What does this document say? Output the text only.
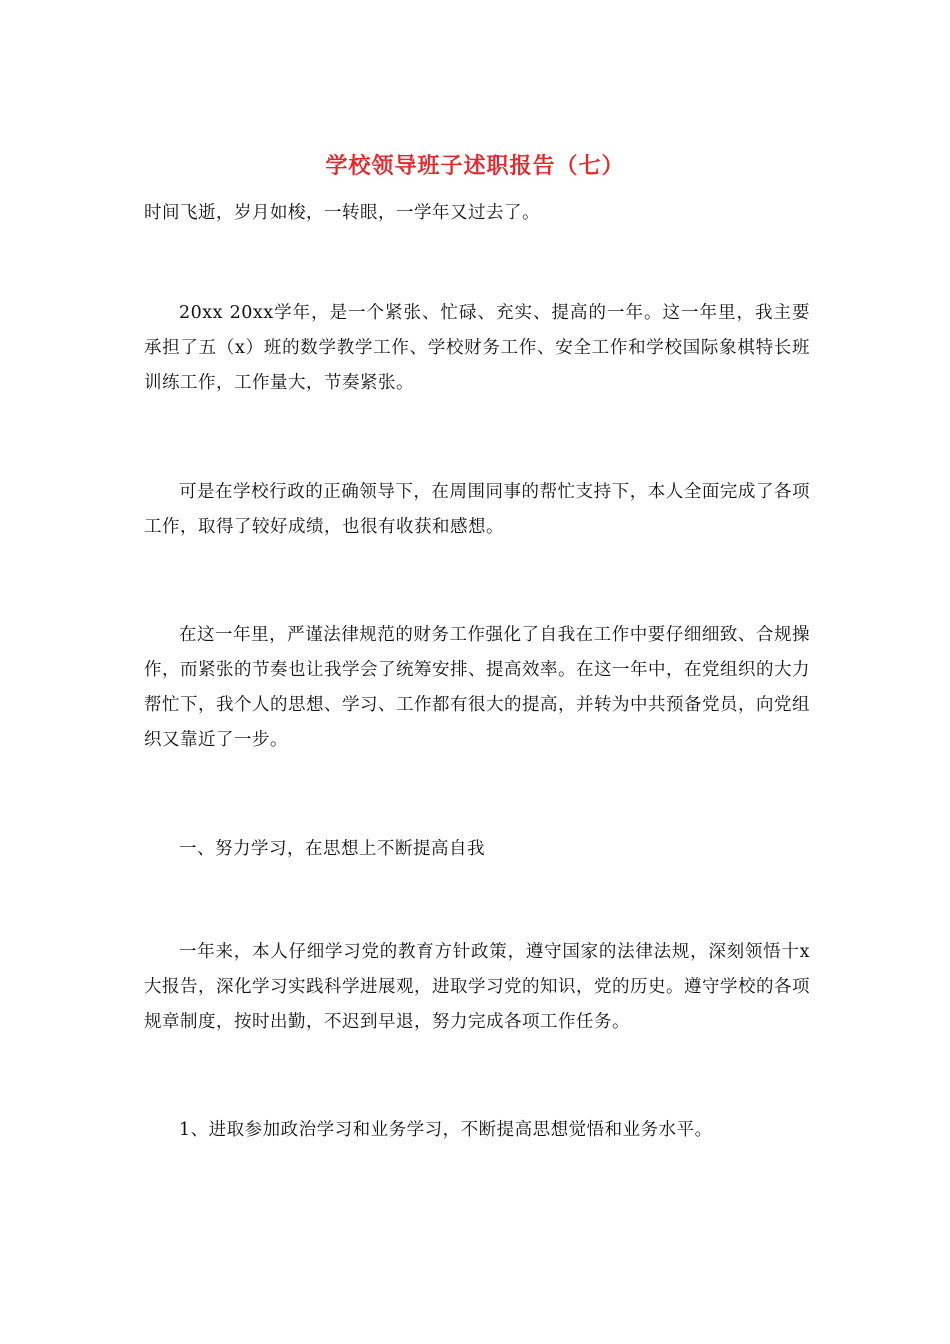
学校领导班子述职报告（七）

时间飞逝，岁月如梭，一转眼，一学年又过去了。

20xx 20xx学年，是一个紧张、忙碌、充实、提高的一年。这一年里，我主要承担了五（x）班的数学教学工作、学校财务工作、安全工作和学校国际象棋特长班训练工作，工作量大，节奏紧张。

可是在学校行政的正确领导下，在周围同事的帮忙支持下，本人全面完成了各项工作，取得了较好成绩，也很有收获和感想。

在这一年里，严谨法律规范的财务工作强化了自我在工作中要仔细细致、合规操作，而紧张的节奏也让我学会了统筹安排、提高效率。在这一年中，在党组织的大力帮忙下，我个人的思想、学习、工作都有很大的提高，并转为中共预备党员，向党组织又靠近了一步。

一、努力学习，在思想上不断提高自我

一年来，本人仔细学习党的教育方针政策，遵守国家的法律法规，深刻领悟十x大报告，深化学习实践科学进展观，进取学习党的知识，党的历史。遵守学校的各项规章制度，按时出勤，不迟到早退，努力完成各项工作任务。

1、进取参加政治学习和业务学习，不断提高思想觉悟和业务水平。
